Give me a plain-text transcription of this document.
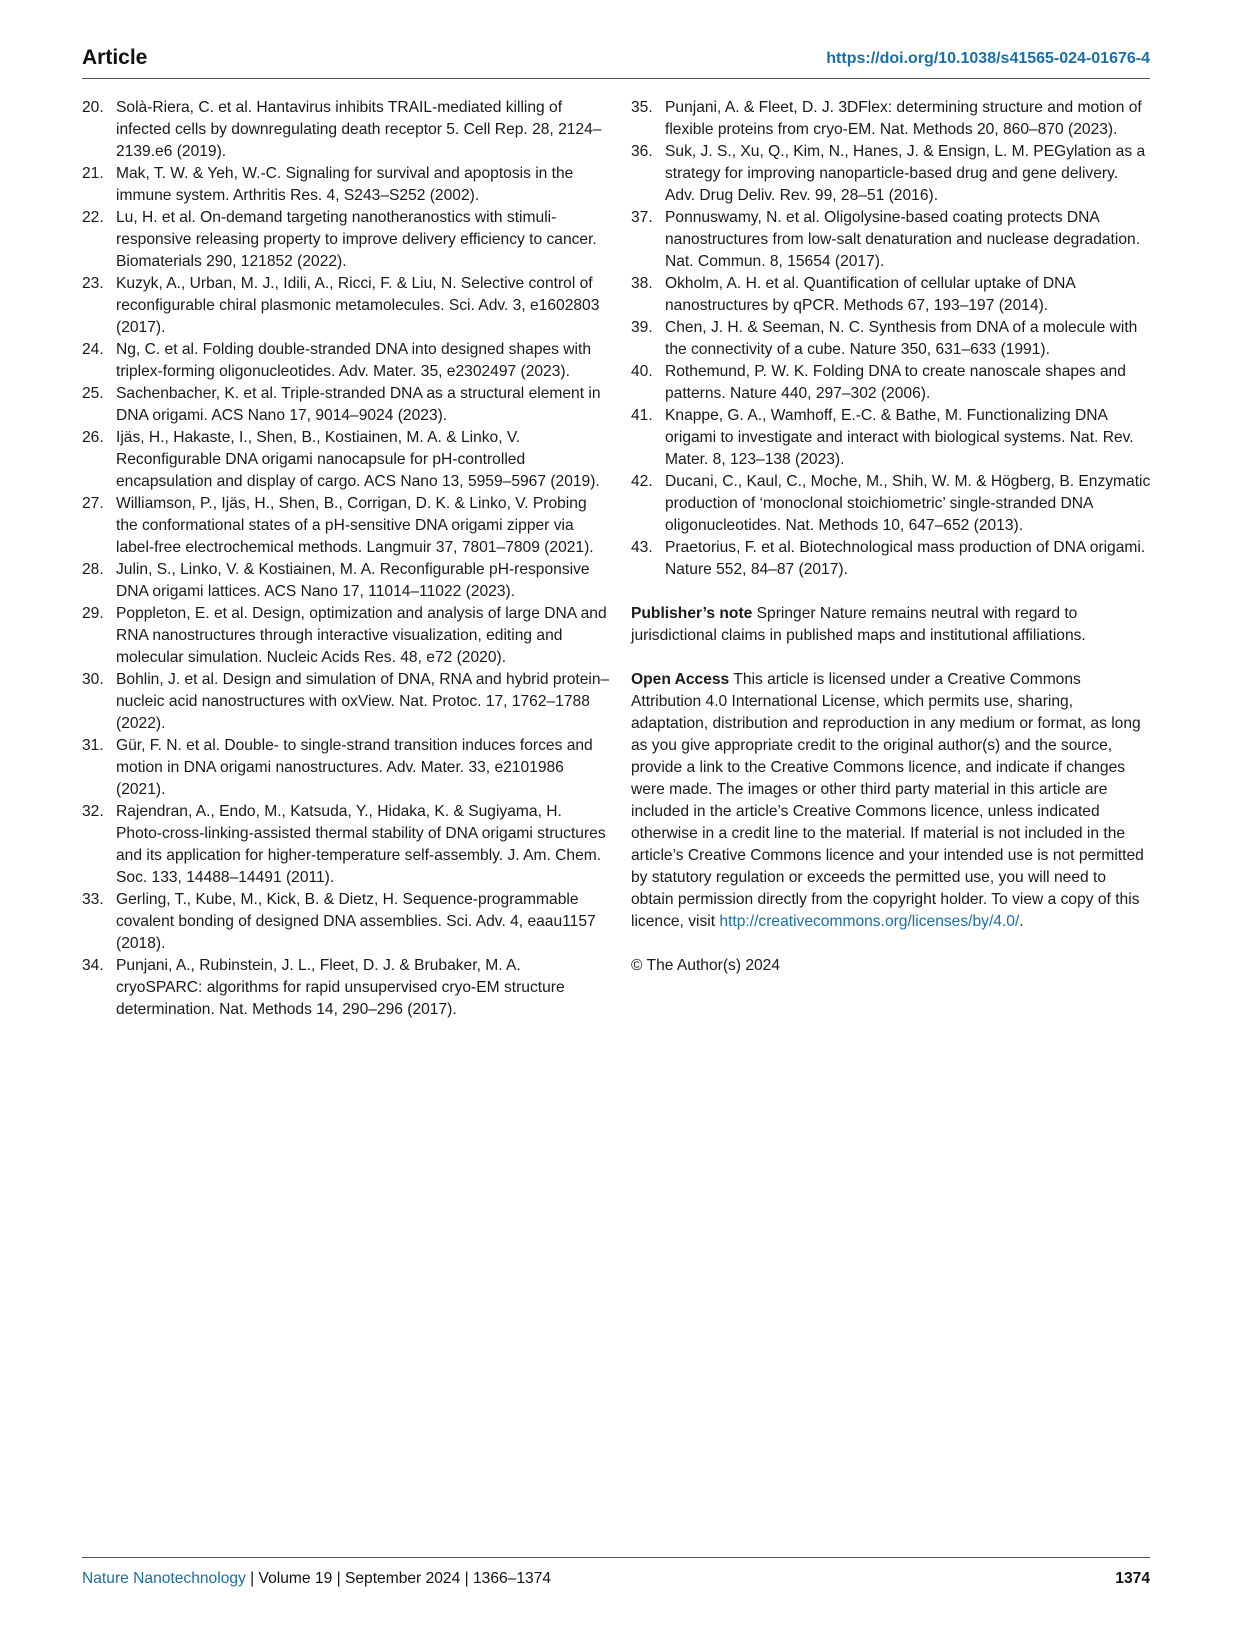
Article	https://doi.org/10.1038/s41565-024-01676-4

20. Solà-Riera, C. et al. Hantavirus inhibits TRAIL-mediated killing of infected cells by downregulating death receptor 5. Cell Rep. 28, 2124–2139.e6 (2019).

21. Mak, T. W. & Yeh, W.-C. Signaling for survival and apoptosis in the immune system. Arthritis Res. 4, S243–S252 (2002).

22. Lu, H. et al. On-demand targeting nanotheranostics with stimuli-responsive releasing property to improve delivery efficiency to cancer. Biomaterials 290, 121852 (2022).

23. Kuzyk, A., Urban, M. J., Idili, A., Ricci, F. & Liu, N. Selective control of reconfigurable chiral plasmonic metamolecules. Sci. Adv. 3, e1602803 (2017).

24. Ng, C. et al. Folding double-stranded DNA into designed shapes with triplex-forming oligonucleotides. Adv. Mater. 35, e2302497 (2023).

25. Sachenbacher, K. et al. Triple-stranded DNA as a structural element in DNA origami. ACS Nano 17, 9014–9024 (2023).

26. Ijäs, H., Hakaste, I., Shen, B., Kostiainen, M. A. & Linko, V. Reconfigurable DNA origami nanocapsule for pH-controlled encapsulation and display of cargo. ACS Nano 13, 5959–5967 (2019).

27. Williamson, P., Ijäs, H., Shen, B., Corrigan, D. K. & Linko, V. Probing the conformational states of a pH-sensitive DNA origami zipper via label-free electrochemical methods. Langmuir 37, 7801–7809 (2021).

28. Julin, S., Linko, V. & Kostiainen, M. A. Reconfigurable pH-responsive DNA origami lattices. ACS Nano 17, 11014–11022 (2023).

29. Poppleton, E. et al. Design, optimization and analysis of large DNA and RNA nanostructures through interactive visualization, editing and molecular simulation. Nucleic Acids Res. 48, e72 (2020).

30. Bohlin, J. et al. Design and simulation of DNA, RNA and hybrid protein–nucleic acid nanostructures with oxView. Nat. Protoc. 17, 1762–1788 (2022).

31. Gür, F. N. et al. Double- to single-strand transition induces forces and motion in DNA origami nanostructures. Adv. Mater. 33, e2101986 (2021).

32. Rajendran, A., Endo, M., Katsuda, Y., Hidaka, K. & Sugiyama, H. Photo-cross-linking-assisted thermal stability of DNA origami structures and its application for higher-temperature self-assembly. J. Am. Chem. Soc. 133, 14488–14491 (2011).

33. Gerling, T., Kube, M., Kick, B. & Dietz, H. Sequence-programmable covalent bonding of designed DNA assemblies. Sci. Adv. 4, eaau1157 (2018).

34. Punjani, A., Rubinstein, J. L., Fleet, D. J. & Brubaker, M. A. cryoSPARC: algorithms for rapid unsupervised cryo-EM structure determination. Nat. Methods 14, 290–296 (2017).

35. Punjani, A. & Fleet, D. J. 3DFlex: determining structure and motion of flexible proteins from cryo-EM. Nat. Methods 20, 860–870 (2023).

36. Suk, J. S., Xu, Q., Kim, N., Hanes, J. & Ensign, L. M. PEGylation as a strategy for improving nanoparticle-based drug and gene delivery. Adv. Drug Deliv. Rev. 99, 28–51 (2016).

37. Ponnuswamy, N. et al. Oligolysine-based coating protects DNA nanostructures from low-salt denaturation and nuclease degradation. Nat. Commun. 8, 15654 (2017).

38. Okholm, A. H. et al. Quantification of cellular uptake of DNA nanostructures by qPCR. Methods 67, 193–197 (2014).

39. Chen, J. H. & Seeman, N. C. Synthesis from DNA of a molecule with the connectivity of a cube. Nature 350, 631–633 (1991).

40. Rothemund, P. W. K. Folding DNA to create nanoscale shapes and patterns. Nature 440, 297–302 (2006).

41. Knappe, G. A., Wamhoff, E.-C. & Bathe, M. Functionalizing DNA origami to investigate and interact with biological systems. Nat. Rev. Mater. 8, 123–138 (2023).

42. Ducani, C., Kaul, C., Moche, M., Shih, W. M. & Högberg, B. Enzymatic production of ‘monoclonal stoichiometric’ single-stranded DNA oligonucleotides. Nat. Methods 10, 647–652 (2013).

43. Praetorius, F. et al. Biotechnological mass production of DNA origami. Nature 552, 84–87 (2017).

Publisher’s note Springer Nature remains neutral with regard to jurisdictional claims in published maps and institutional affiliations.

Open Access This article is licensed under a Creative Commons Attribution 4.0 International License, which permits use, sharing, adaptation, distribution and reproduction in any medium or format, as long as you give appropriate credit to the original author(s) and the source, provide a link to the Creative Commons licence, and indicate if changes were made. The images or other third party material in this article are included in the article’s Creative Commons licence, unless indicated otherwise in a credit line to the material. If material is not included in the article’s Creative Commons licence and your intended use is not permitted by statutory regulation or exceeds the permitted use, you will need to obtain permission directly from the copyright holder. To view a copy of this licence, visit http://creativecommons.org/licenses/by/4.0/.

© The Author(s) 2024

Nature Nanotechnology | Volume 19 | September 2024 | 1366–1374	1374
